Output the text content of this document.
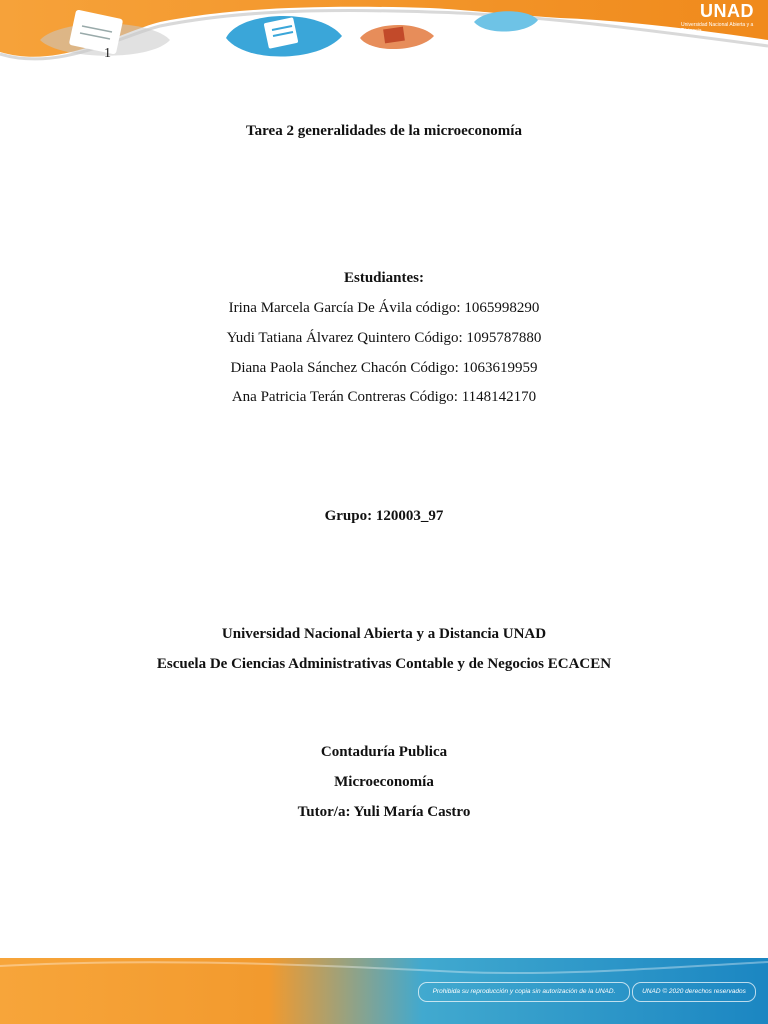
UNAD
Universidad Nacional Abierta y a Distancia
1
Tarea 2 generalidades de la microeconomía
Estudiantes:
Irina Marcela García De Ávila código: 1065998290
Yudi Tatiana Álvarez Quintero Código: 1095787880
Diana Paola Sánchez Chacón Código: 1063619959
Ana Patricia Terán Contreras Código: 1148142170
Grupo: 120003_97
Universidad Nacional Abierta y a Distancia UNAD
Escuela De Ciencias Administrativas Contable y de Negocios ECACEN
Contaduría Publica
Microeconomía
Tutor/a: Yuli María Castro
Prohibida su reproducción y copia sin autorización de la UNAD.	UNAD © 2020 derechos reservados
